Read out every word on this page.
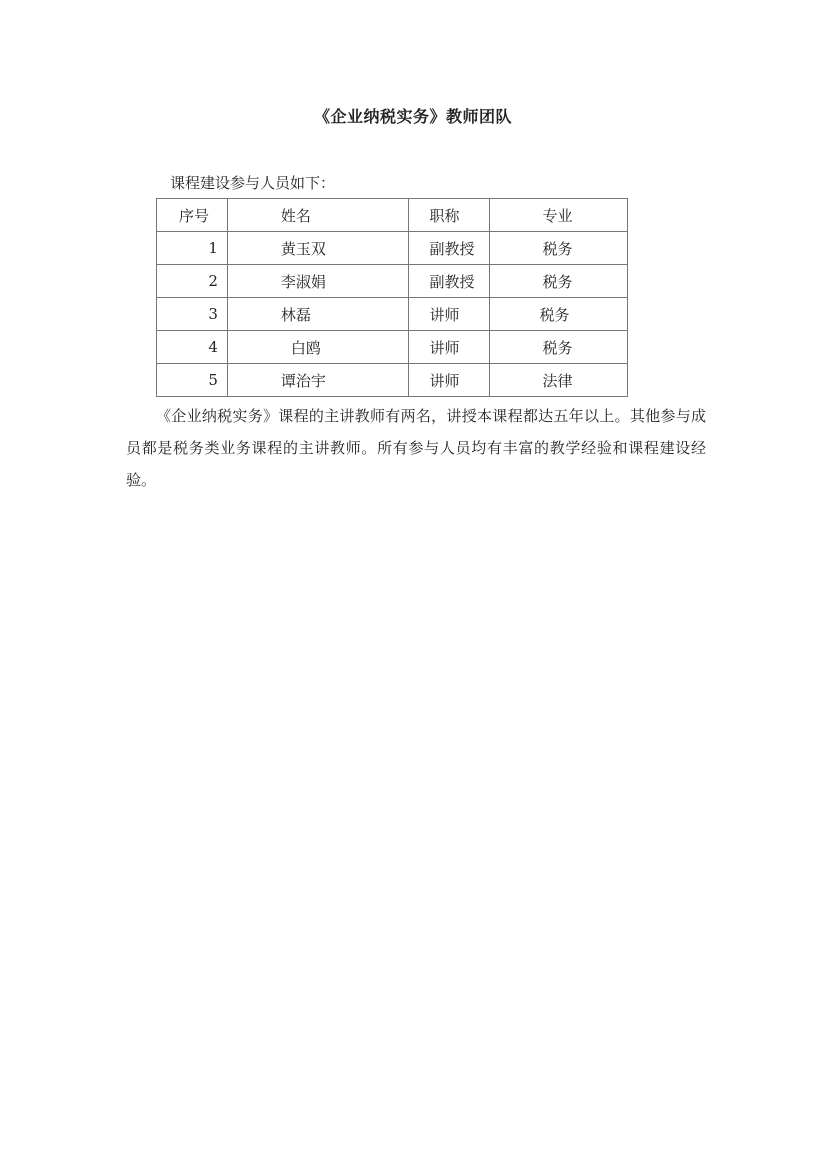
《企业纳税实务》教师团队
课程建设参与人员如下：
序号	姓名	职称	专业
1	黄玉双	副教授	税务
2	李淑娟	副教授	税务
3	林磊	讲师	税务
4	白鸥	讲师	税务
5	谭治宇	讲师	法律
《企业纳税实务》课程的主讲教师有两名，讲授本课程都达五年以上。其他参与成员都是税务类业务课程的主讲教师。所有参与人员均有丰富的教学经验和课程建设经验。
